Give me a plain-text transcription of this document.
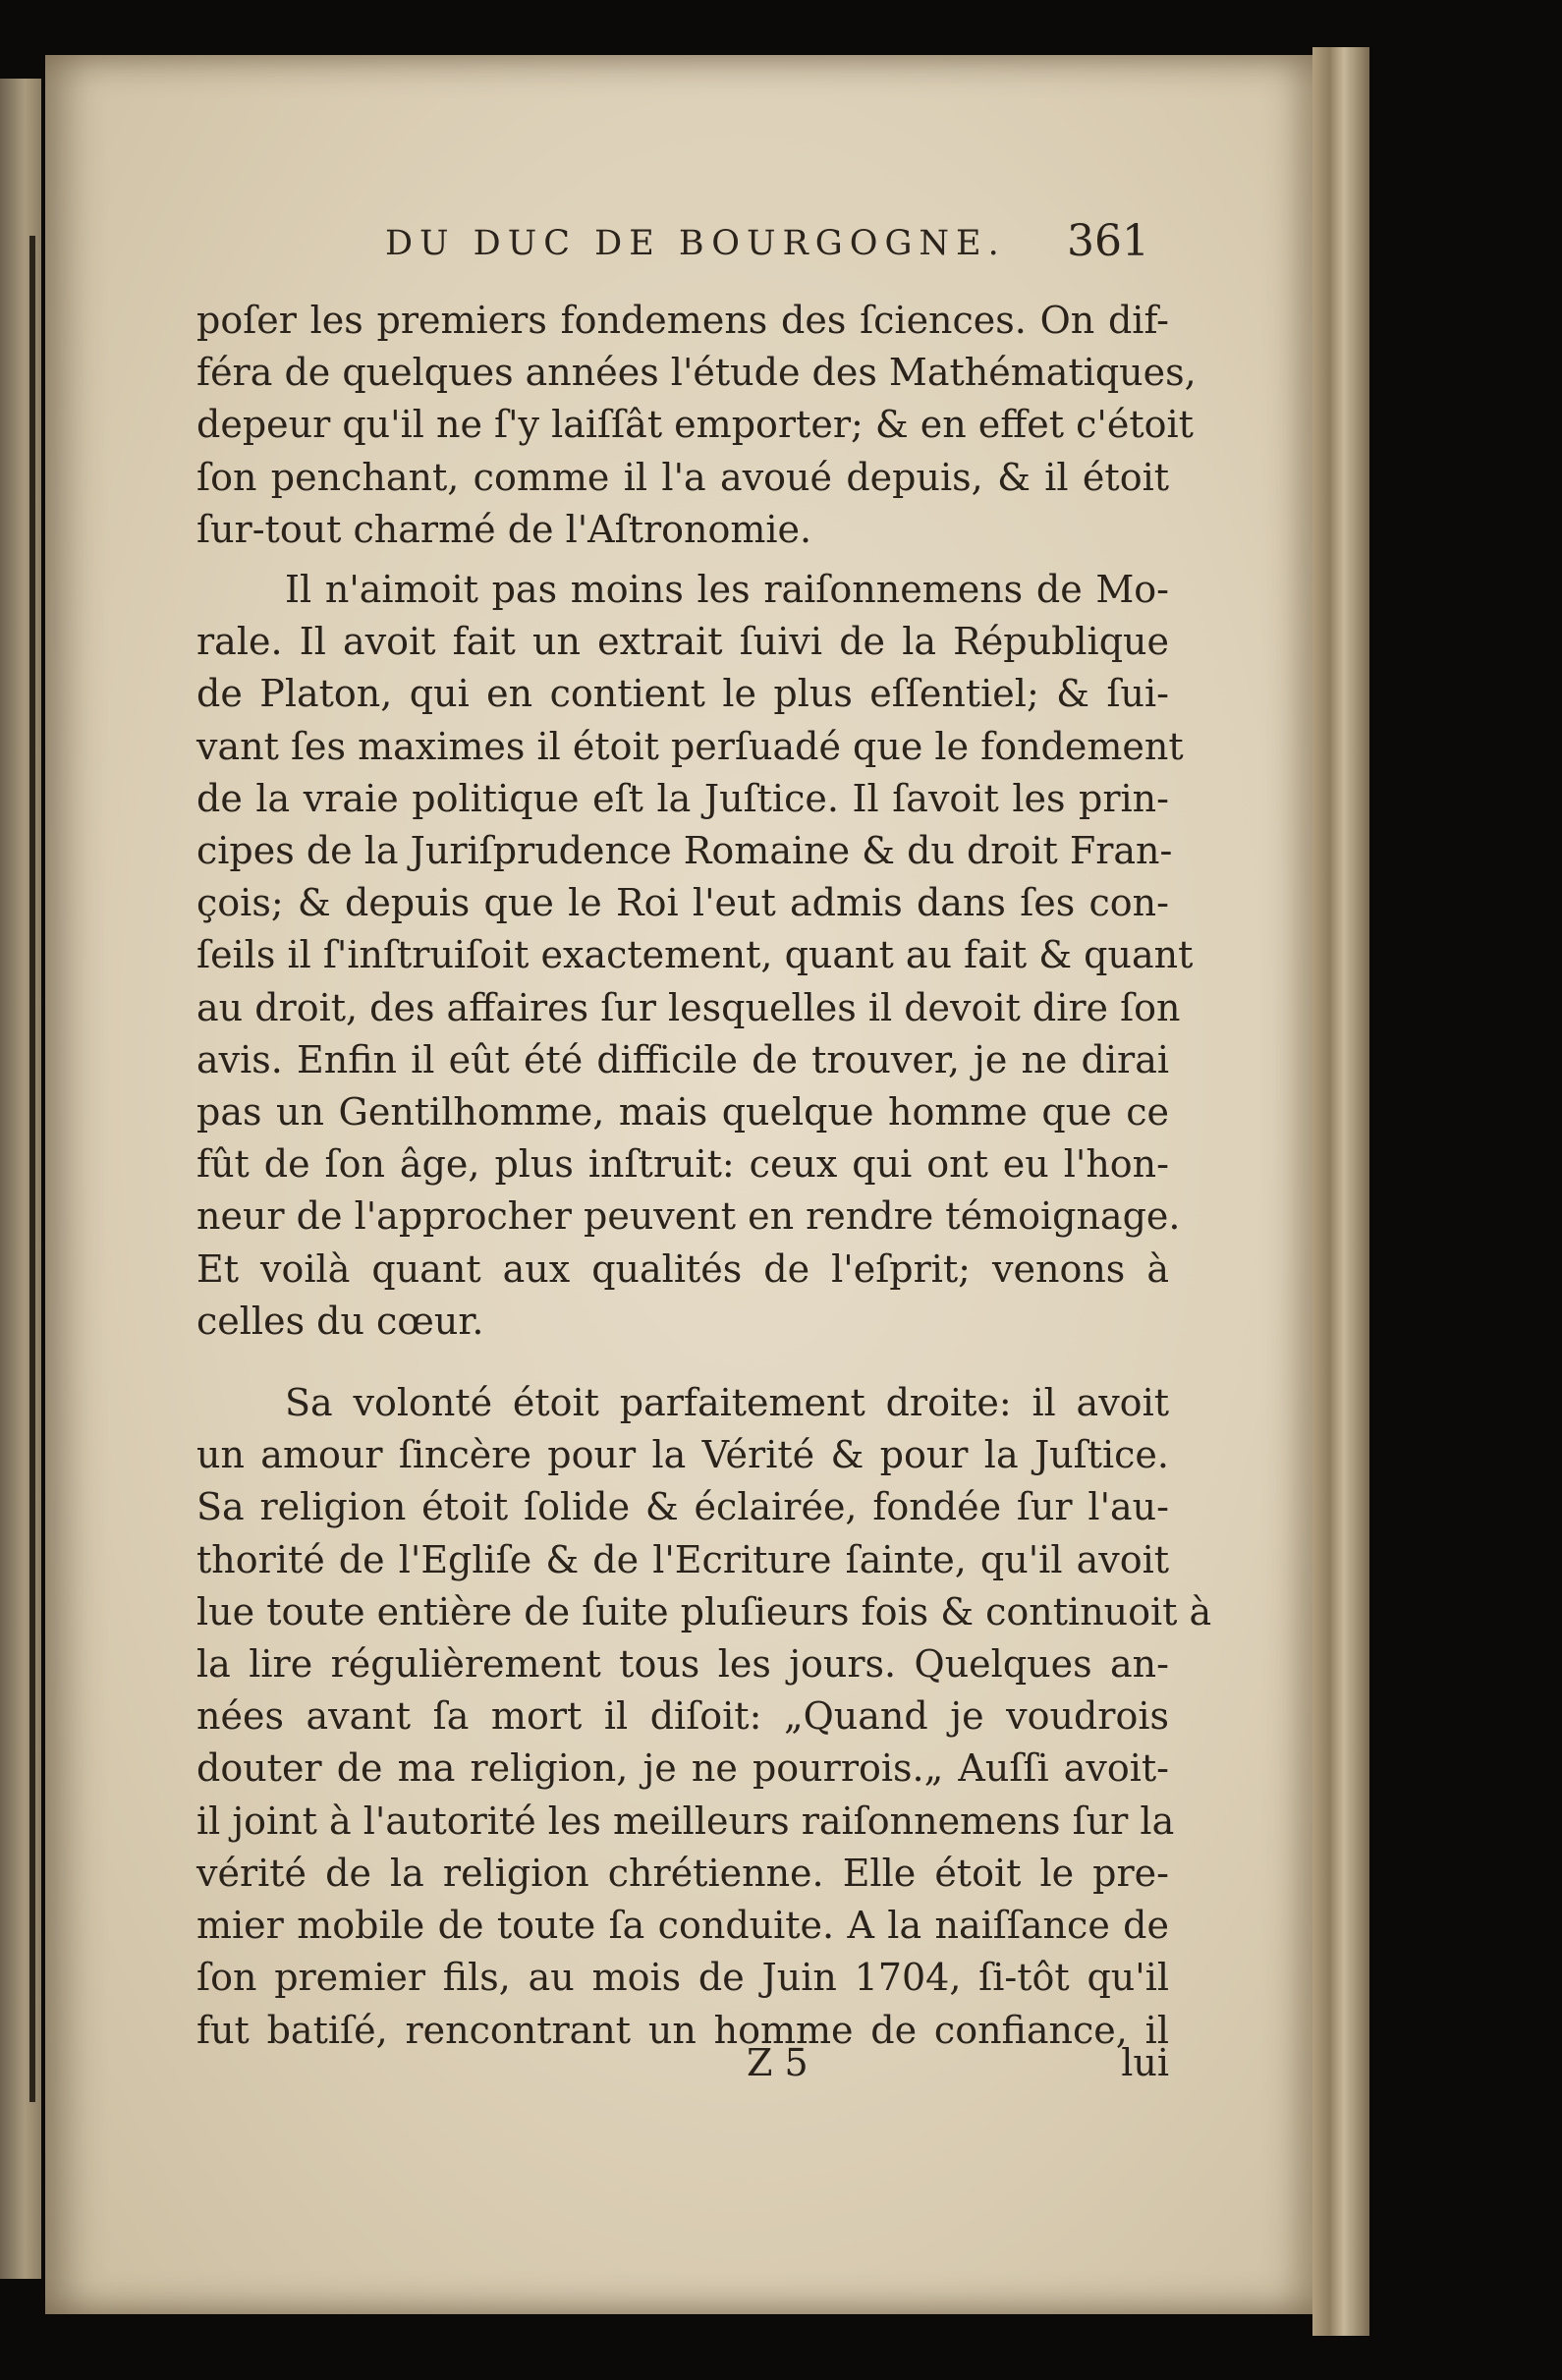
DU DUC DE BOURGOGNE. 361
poſer les premiers fondemens des ſciences. On dif-
féra de quelques années l'étude des Mathématiques,
depeur qu'il ne ſ'y laiſſât emporter; & en effet c'étoit
ſon penchant, comme il l'a avoué depuis, & il étoit
ſur-tout charmé de l'Aſtronomie.
Il n'aimoit pas moins les raiſonnemens de Mo-
rale. Il avoit fait un extrait ſuivi de la République
de Platon, qui en contient le plus eſſentiel; & ſui-
vant ſes maximes il étoit perſuadé que le fondement
de la vraie politique eſt la Juſtice. Il ſavoit les prin-
cipes de la Juriſprudence Romaine & du droit Fran-
çois; & depuis que le Roi l'eut admis dans ſes con-
ſeils il ſ'inſtruiſoit exactement, quant au fait & quant
au droit, des affaires ſur lesquelles il devoit dire ſon
avis. Enfin il eût été difficile de trouver, je ne dirai
pas un Gentilhomme, mais quelque homme que ce
fût de ſon âge, plus inſtruit: ceux qui ont eu l'hon-
neur de l'approcher peuvent en rendre témoignage.
Et voilà quant aux qualités de l'eſprit; venons à
celles du cœur.
Sa volonté étoit parfaitement droite: il avoit
un amour ſincère pour la Vérité & pour la Juſtice.
Sa religion étoit ſolide & éclairée, fondée ſur l'au-
thorité de l'Egliſe & de l'Ecriture ſainte, qu'il avoit
lue toute entière de ſuite pluſieurs fois & continuoit à
la lire régulièrement tous les jours. Quelques an-
nées avant ſa mort il diſoit: „Quand je voudrois
douter de ma religion, je ne pourrois.„ Auſſi avoit-
il joint à l'autorité les meilleurs raiſonnemens ſur la
vérité de la religion chrétienne. Elle étoit le pre-
mier mobile de toute ſa conduite. A la naiſſance de
ſon premier fils, au mois de Juin 1704, ſi-tôt qu'il
fut batiſé, rencontrant un homme de confiance, il
Z 5	lui
